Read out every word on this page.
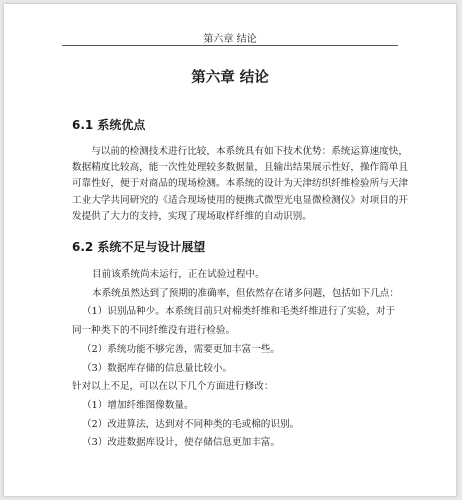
第六章 结论
第六章 结论
6.1 系统优点

与以前的检测技术进行比较，本系统具有如下技术优势：系统运算速度快，数据精度比较高，能一次性处理较多数据量，且输出结果展示性好，操作简单且可靠性好，便于对商品的现场检测。本系统的设计为天津纺织纤维检验所与天津工业大学共同研究的《适合现场使用的便携式微型光电显微检测仪》对项目的开发提供了大力的支持，实现了现场取样纤维的自动识别。

6.2 系统不足与设计展望
目前该系统尚未运行，正在试验过程中。
本系统虽然达到了预期的准确率，但依然存在诸多问题，包括如下几点：
（1）识别品种少。本系统目前只对棉类纤维和毛类纤维进行了实验，对于
同一种类下的不同纤维没有进行检验。
（2）系统功能不够完善，需要更加丰富一些。
（3）数据库存储的信息量比较小。
针对以上不足，可以在以下几个方面进行修改：
（1）增加纤维图像数量。
（2）改进算法，达到对不同种类的毛或棉的识别。
（3）改进数据库设计，使存储信息更加丰富。
